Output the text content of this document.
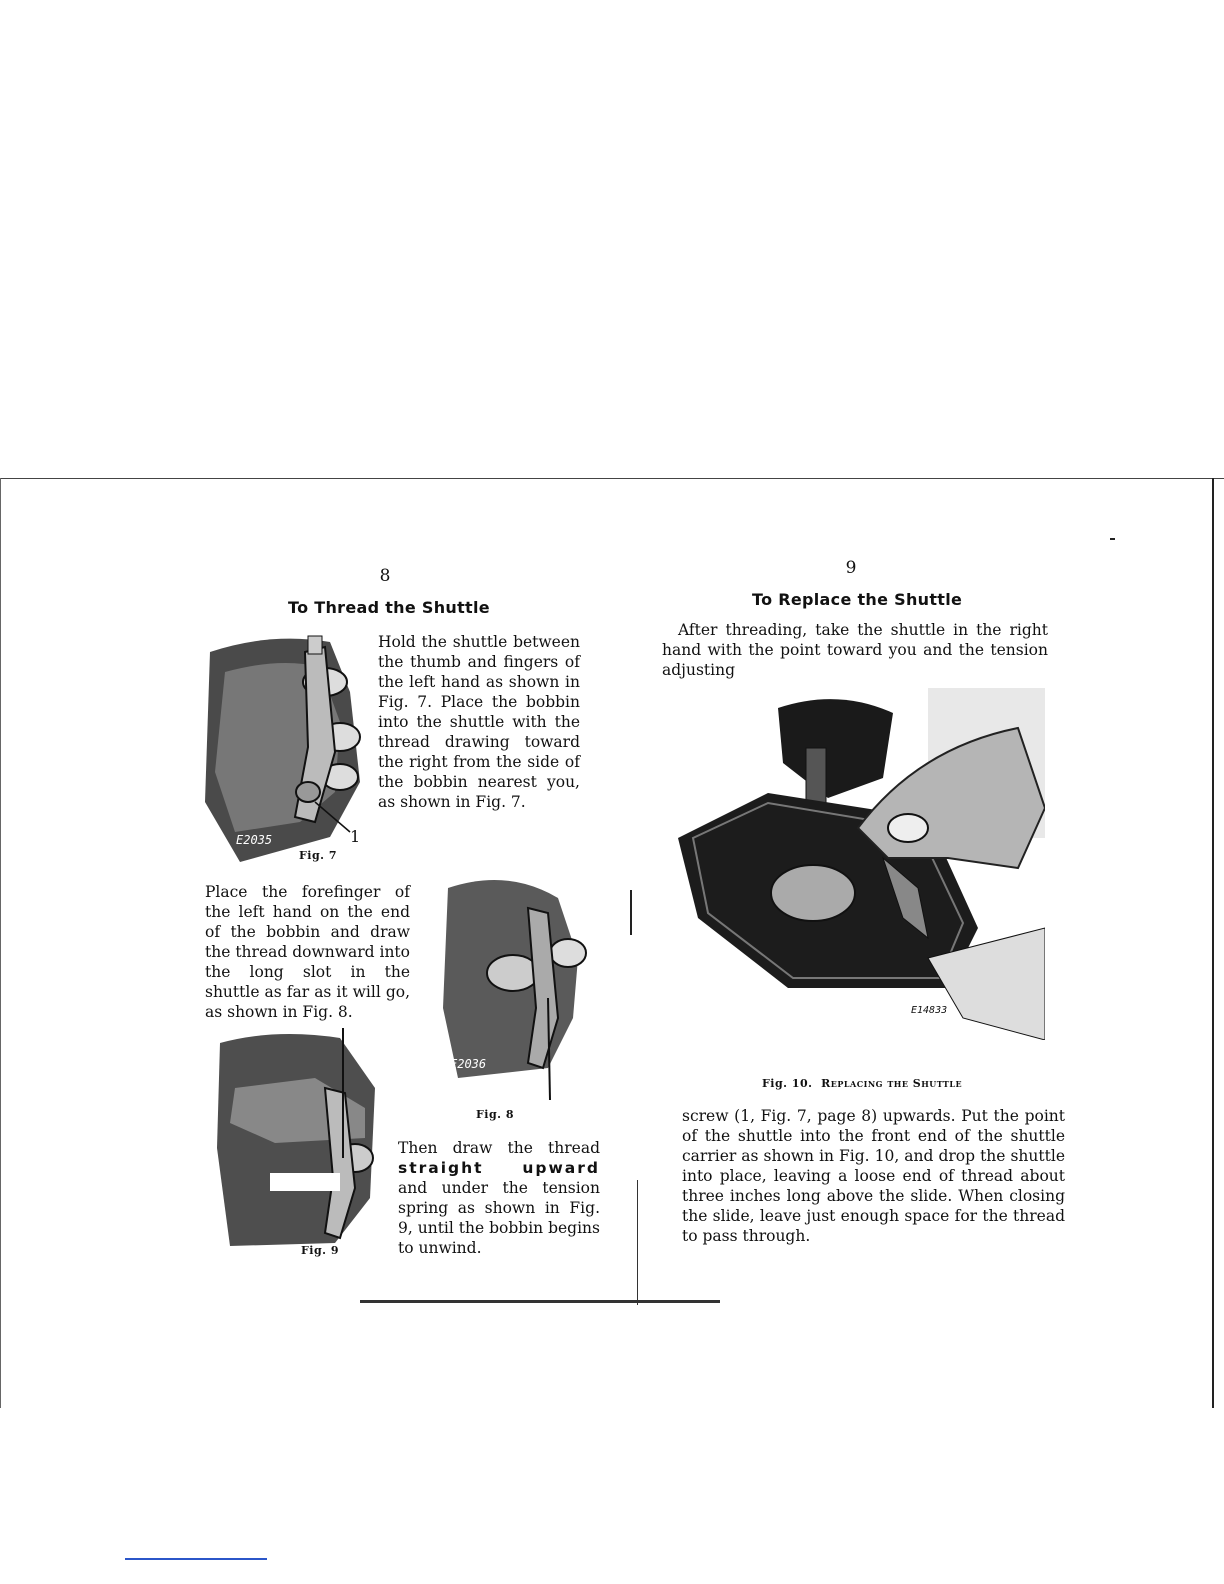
8
To Thread the Shuttle
E2035	1
Fig. 7
Hold the shuttle between the thumb and fingers of the left hand as shown in Fig. 7. Place the bobbin into the shuttle with the thread drawing toward the right from the side of the bobbin nearest you, as shown in Fig. 7.
Place the forefinger of the left hand on the end of the bobbin and draw the thread downward into the long slot in the shuttle as far as it will go, as shown in Fig. 8.
E2036
Fig. 8
Fig. 9
Then draw the thread straight upward and under the tension spring as shown in Fig. 9, until the bobbin begins to unwind.
9
To Replace the Shuttle
After threading, take the shuttle in the right hand with the point toward you and the tension adjusting
E14833
Fig. 10. Replacing the Shuttle
screw (1, Fig. 7, page 8) upwards. Put the point of the shuttle into the front end of the shuttle carrier as shown in Fig. 10, and drop the shuttle into place, leaving a loose end of thread about three inches long above the slide. When closing the slide, leave just enough space for the thread to pass through.
